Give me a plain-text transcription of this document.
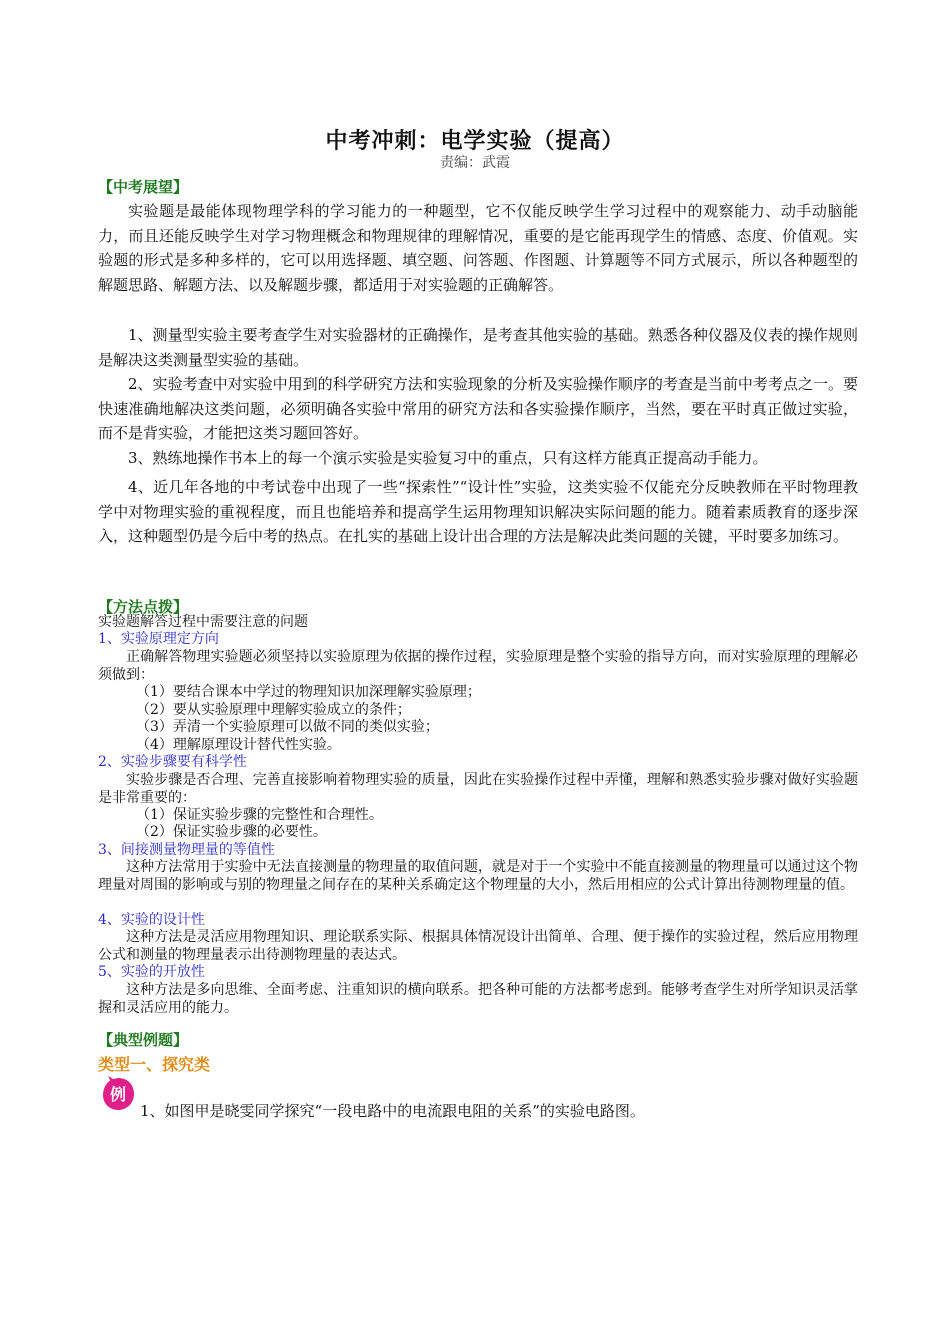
中考冲刺：电学实验（提高）
责编：武霞
【中考展望】

实验题是最能体现物理学科的学习能力的一种题型，它不仅能反映学生学习过程中的观察能力、动手动脑能力，而且还能反映学生对学习物理概念和物理规律的理解情况，重要的是它能再现学生的情感、态度、价值观。实验题的形式是多种多样的，它可以用选择题、填空题、问答题、作图题、计算题等不同方式展示，所以各种题型的解题思路、解题方法、以及解题步骤，都适用于对实验题的正确解答。

1、测量型实验主要考查学生对实验器材的正确操作，是考查其他实验的基础。熟悉各种仪器及仪表的操作规则是解决这类测量型实验的基础。

2、实验考查中对实验中用到的科学研究方法和实验现象的分析及实验操作顺序的考查是当前中考考点之一。要快速准确地解决这类问题，必须明确各实验中常用的研究方法和各实验操作顺序，当然，要在平时真正做过实验，而不是背实验，才能把这类习题回答好。

3、熟练地操作书本上的每一个演示实验是实验复习中的重点，只有这样方能真正提高动手能力。

4、近几年各地的中考试卷中出现了一些“探索性”“设计性”实验，这类实验不仅能充分反映教师在平时物理教学中对物理实验的重视程度，而且也能培养和提高学生运用物理知识解决实际问题的能力。随着素质教育的逐步深入，这种题型仍是今后中考的热点。在扎实的基础上设计出合理的方法是解决此类问题的关键，平时要多加练习。

【方法点拨】

实验题解答过程中需要注意的问题

1、实验原理定方向

正确解答物理实验题必须坚持以实验原理为依据的操作过程，实验原理是整个实验的指导方向，而对实验原理的理解必须做到：

（1）要结合课本中学过的物理知识加深理解实验原理；

（2）要从实验原理中理解实验成立的条件；

（3）弄清一个实验原理可以做不同的类似实验；

（4）理解原理设计替代性实验。

2、实验步骤要有科学性

实验步骤是否合理、完善直接影响着物理实验的质量，因此在实验操作过程中弄懂，理解和熟悉实验步骤对做好实验题是非常重要的：

（1）保证实验步骤的完整性和合理性。

（2）保证实验步骤的必要性。

3、间接测量物理量的等值性

这种方法常用于实验中无法直接测量的物理量的取值问题，就是对于一个实验中不能直接测量的物理量可以通过这个物理量对周围的影响或与别的物理量之间存在的某种关系确定这个物理量的大小，然后用相应的公式计算出待测物理量的值。

4、实验的设计性

这种方法是灵活应用物理知识、理论联系实际、根据具体情况设计出简单、合理、便于操作的实验过程，然后应用物理公式和测量的物理量表示出待测物理量的表达式。

5、实验的开放性

这种方法是多向思维、全面考虑、注重知识的横向联系。把各种可能的方法都考虑到。能够考查学生对所学知识灵活掌握和灵活应用的能力。

【典型例题】
类型一、探究类
例
1、如图甲是晓雯同学探究“一段电路中的电流跟电阻的关系”的实验电路图。
